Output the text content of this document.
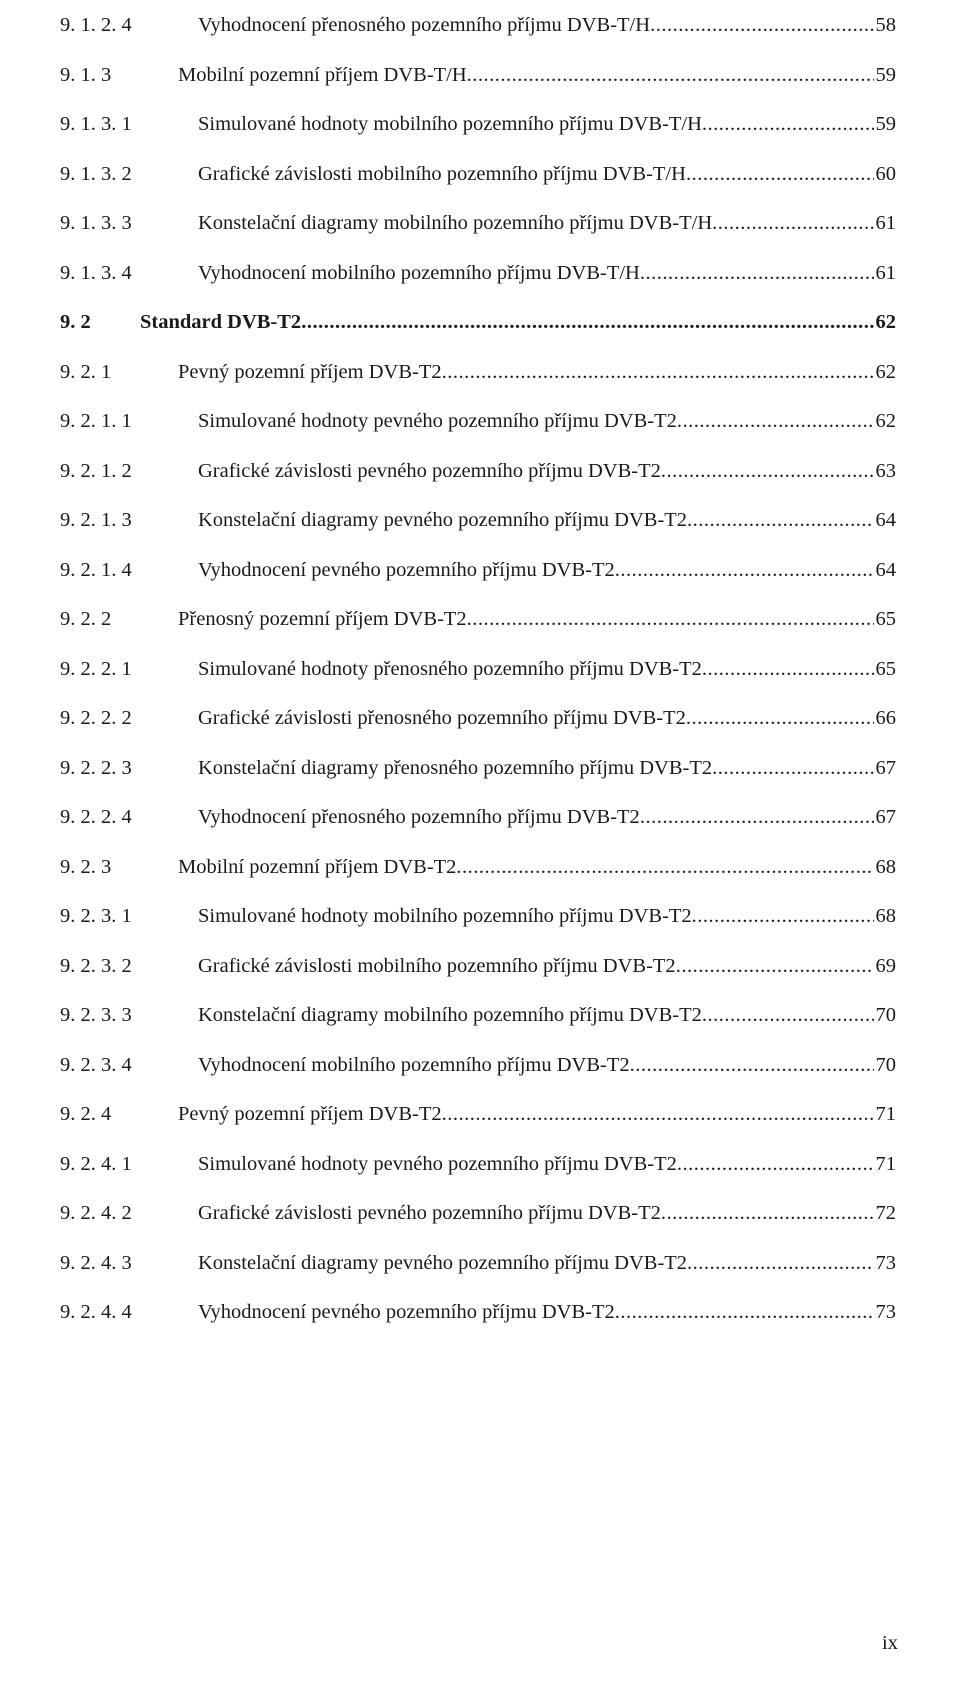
9. 1. 2. 4	Vyhodnocení přenosného pozemního příjmu DVB-T/H .....	58
9. 1. 3	Mobilní pozemní příjem DVB-T/H .....	59
9. 1. 3. 1	Simulované hodnoty mobilního pozemního příjmu DVB-T/H .....	59
9. 1. 3. 2	Grafické závislosti mobilního pozemního příjmu DVB-T/H .....	60
9. 1. 3. 3	Konstelační diagramy mobilního pozemního příjmu DVB-T/H .....	61
9. 1. 3. 4	Vyhodnocení mobilního pozemního příjmu DVB-T/H .....	61
9. 2	Standard DVB-T2 .....	62
9. 2. 1	Pevný pozemní příjem DVB-T2 .....	62
9. 2. 1. 1	Simulované hodnoty pevného pozemního příjmu DVB-T2 .....	62
9. 2. 1. 2	Grafické závislosti pevného pozemního příjmu DVB-T2 .....	63
9. 2. 1. 3	Konstelační diagramy pevného pozemního příjmu DVB-T2 .....	64
9. 2. 1. 4	Vyhodnocení pevného pozemního příjmu DVB-T2 .....	64
9. 2. 2	Přenosný pozemní příjem DVB-T2 .....	65
9. 2. 2. 1	Simulované hodnoty přenosného pozemního příjmu DVB-T2 .....	65
9. 2. 2. 2	Grafické závislosti přenosného pozemního příjmu DVB-T2 .....	66
9. 2. 2. 3	Konstelační diagramy přenosného pozemního příjmu DVB-T2 .....	67
9. 2. 2. 4	Vyhodnocení přenosného pozemního příjmu DVB-T2 .....	67
9. 2. 3	Mobilní pozemní příjem DVB-T2 .....	68
9. 2. 3. 1	Simulované hodnoty mobilního pozemního příjmu DVB-T2 .....	68
9. 2. 3. 2	Grafické závislosti mobilního pozemního příjmu DVB-T2 .....	69
9. 2. 3. 3	Konstelační diagramy mobilního pozemního příjmu DVB-T2 .....	70
9. 2. 3. 4	Vyhodnocení mobilního pozemního příjmu DVB-T2 .....	70
9. 2. 4	Pevný pozemní příjem DVB-T2 .....	71
9. 2. 4. 1	Simulované hodnoty pevného pozemního příjmu DVB-T2 .....	71
9. 2. 4. 2	Grafické závislosti pevného pozemního příjmu DVB-T2 .....	72
9. 2. 4. 3	Konstelační diagramy pevného pozemního příjmu DVB-T2 .....	73
9. 2. 4. 4	Vyhodnocení pevného pozemního příjmu DVB-T2 .....	73
ix
